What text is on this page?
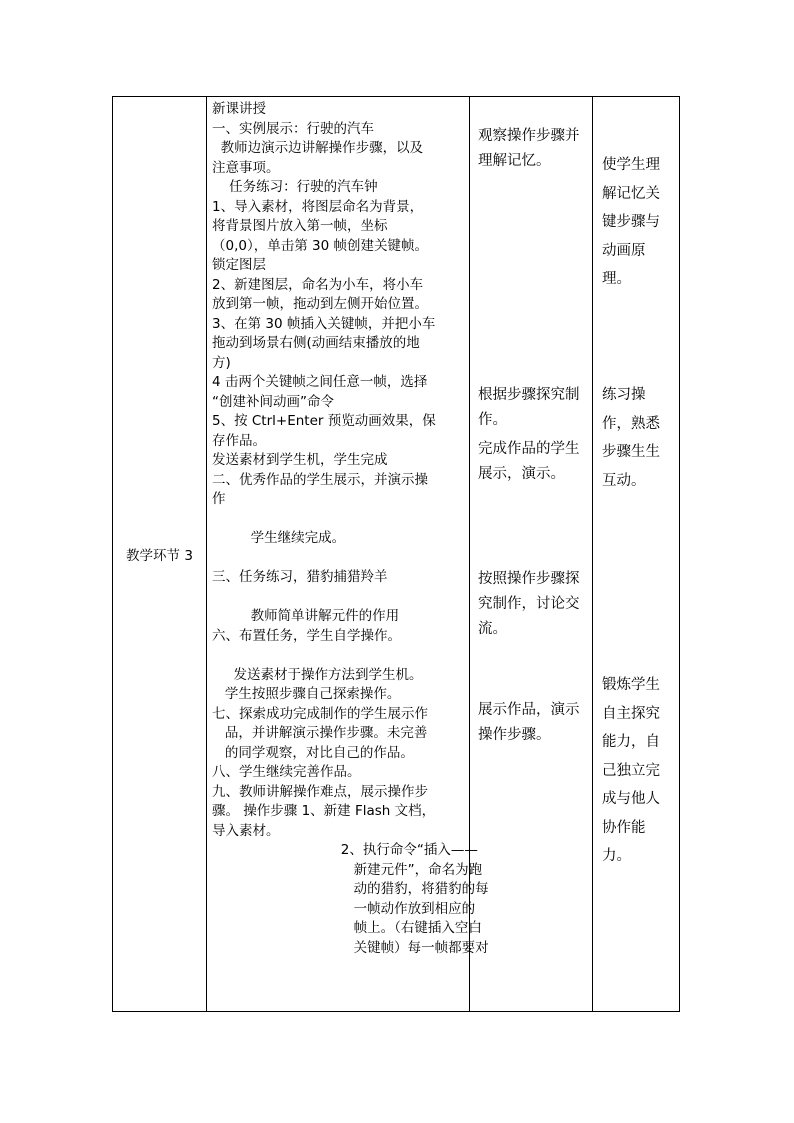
教学环节 3
新课讲授
一、实例展示：行驶的汽车
教师边演示边讲解操作步骤，以及
注意事项。
任务练习：行驶的汽车钟
1、导入素材，将图层命名为背景，
将背景图片放入第一帧，坐标
（0,0），单击第 30 帧创建关键帧。
锁定图层
2、新建图层，命名为小车，将小车
放到第一帧，拖动到左侧开始位置。
3、在第 30 帧插入关键帧，并把小车
拖动到场景右侧(动画结束播放的地
方)
4 击两个关键帧之间任意一帧，选择
“创建补间动画”命令
5、按 Ctrl+Enter 预览动画效果，保
存作品。
发送素材到学生机，学生完成
二、优秀作品的学生展示，并演示操
作
学生继续完成。
三、任务练习，猎豹捕猎羚羊
教师简单讲解元件的作用
六、布置任务，学生自学操作。
发送素材于操作方法到学生机。
学生按照步骤自己探索操作。
七、探索成功完成制作的学生展示作
品，并讲解演示操作步骤。未完善
的同学观察，对比自己的作品。
八、学生继续完善作品。
九、教师讲解操作难点，展示操作步
骤。 操作步骤 1、新建 Flash 文档，
导入素材。
2、执行命令“插入——
新建元件”，命名为跑
动的猎豹，将猎豹的每
一帧动作放到相应的
帧上。（右键插入空白
关键帧）每一帧都要对
观察操作步骤并理解记忆。
根据步骤探究制作。
完成作品的学生展示，演示。
按照操作步骤探究制作，讨论交流。
展示作品，演示操作步骤。
使学生理解记忆关键步骤与动画原理。
练习操作，熟悉步骤生生互动。
锻炼学生自主探究能力，自己独立完成与他人协作能力。
